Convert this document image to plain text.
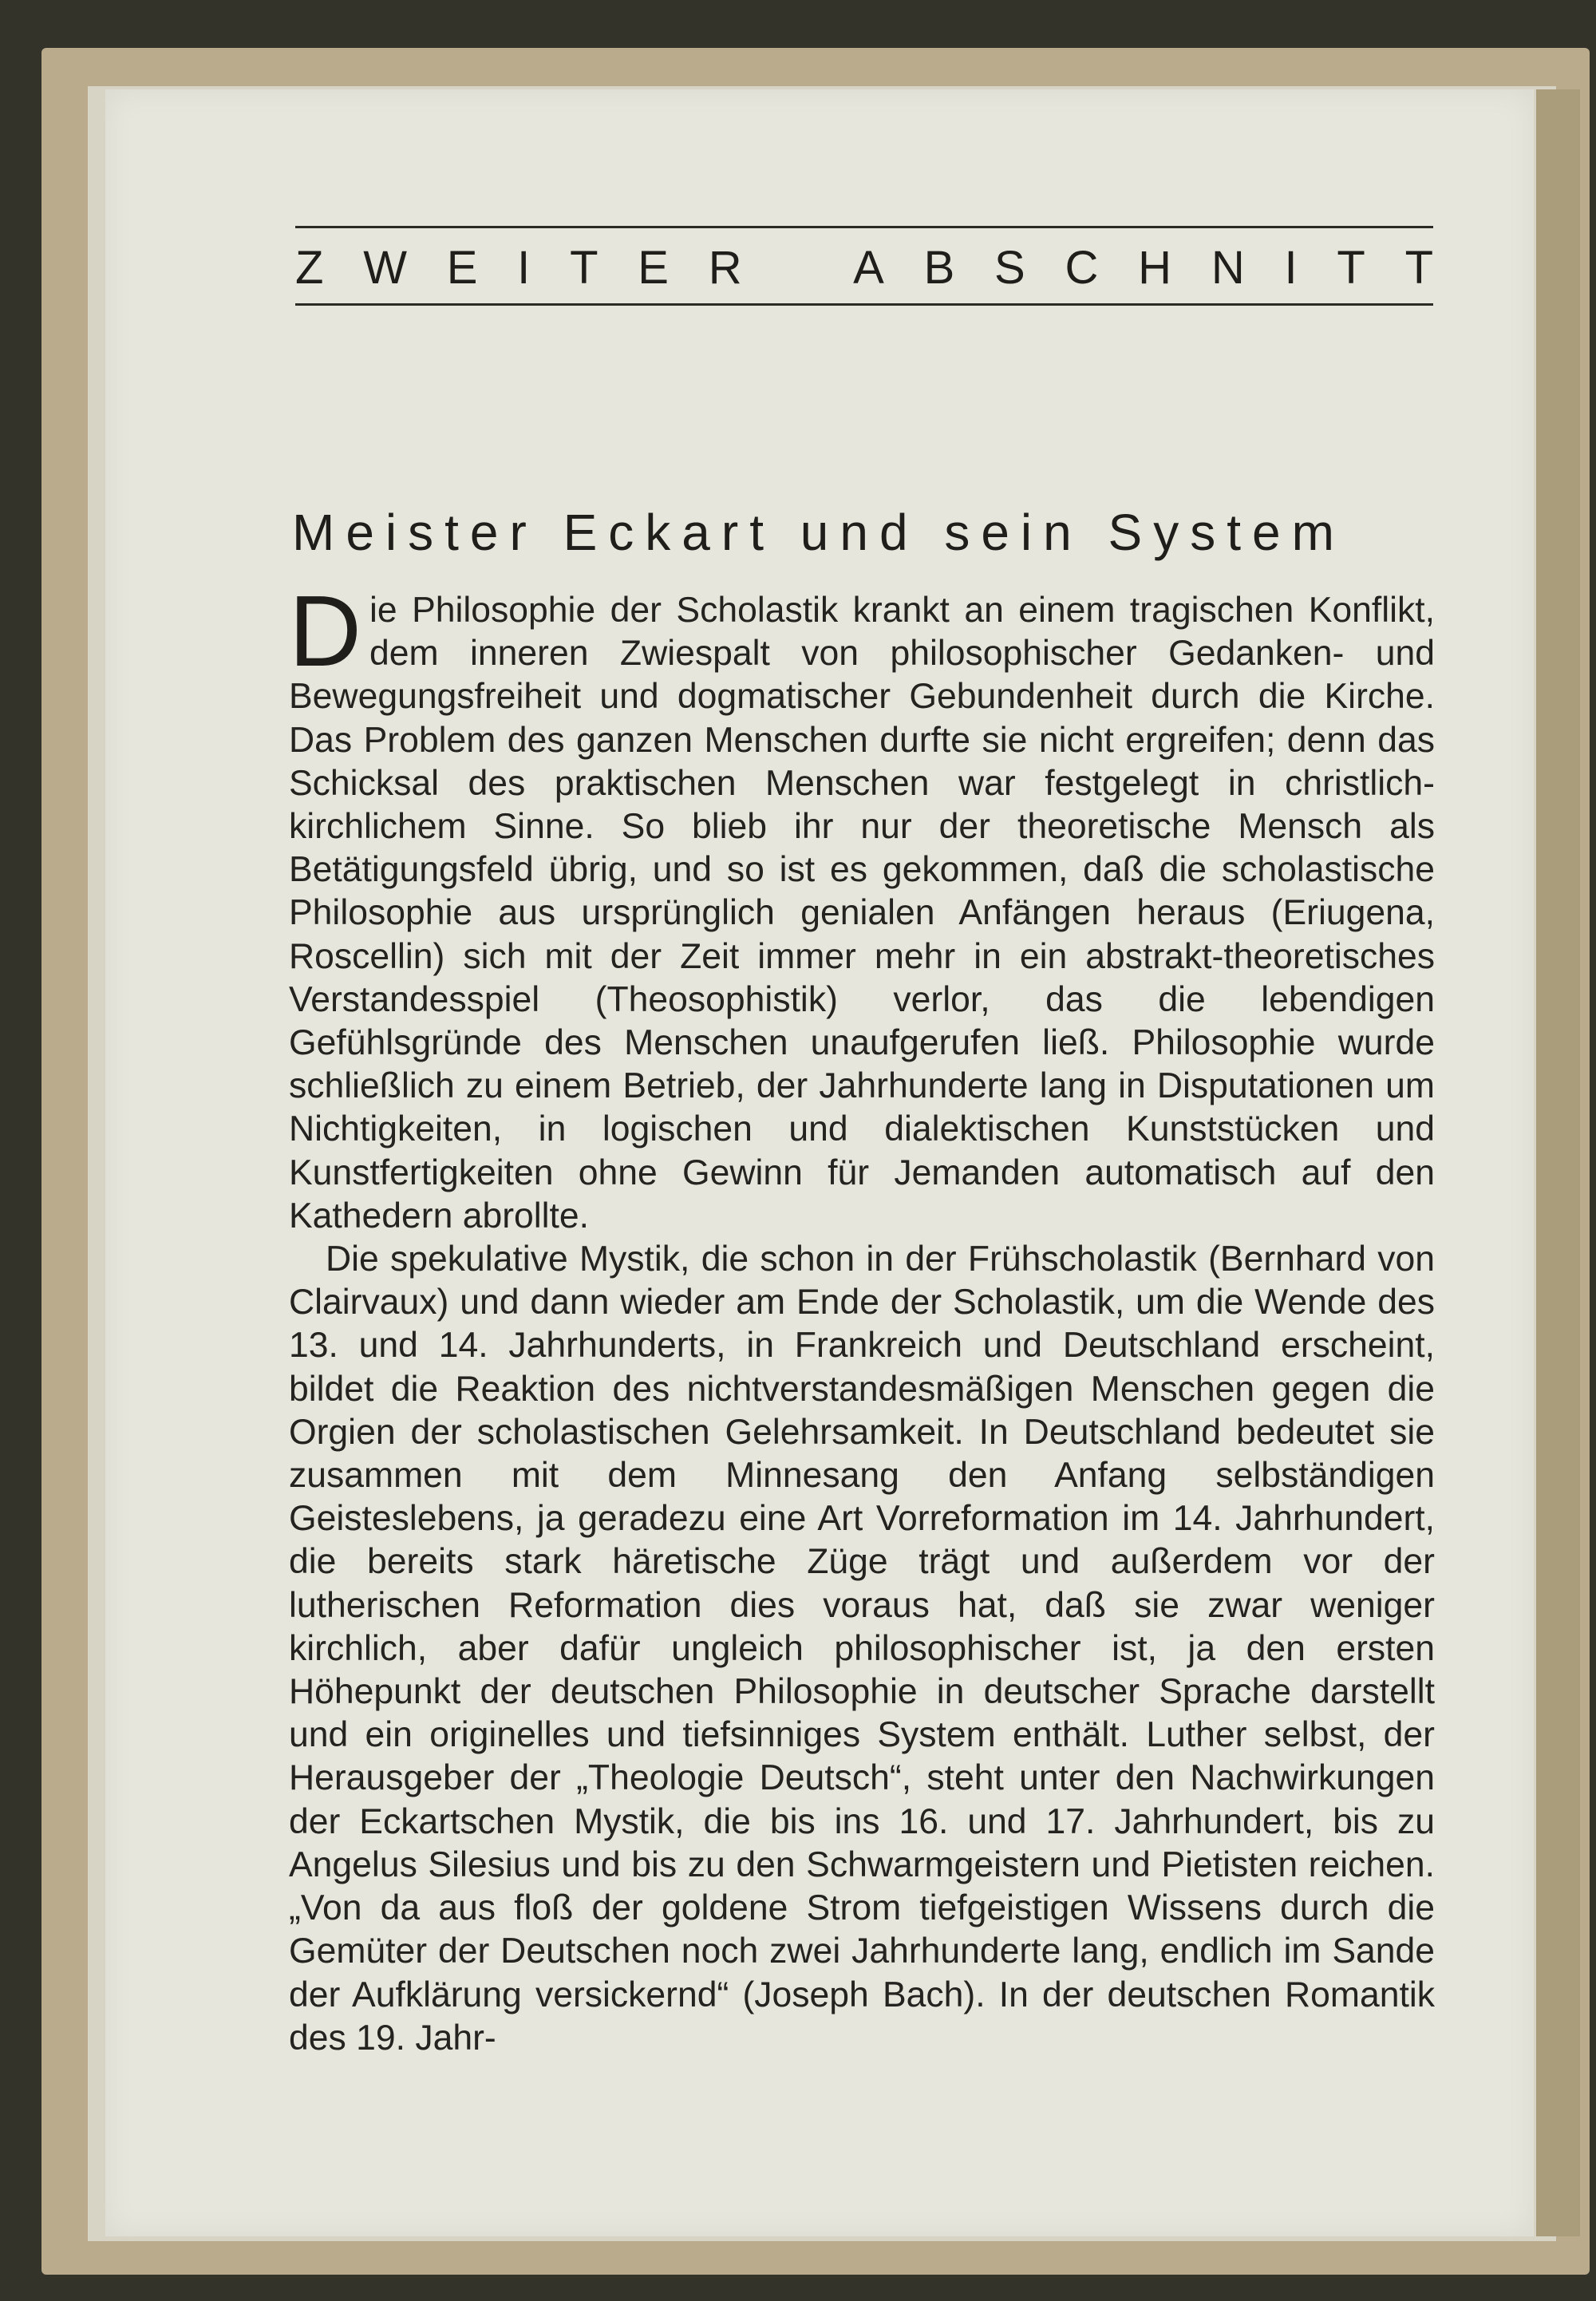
Z W E I T E R A B S C H N I T T
Meister Eckart und sein System

Die Philosophie der Scholastik krankt an einem tragischen Konflikt, dem inneren Zwiespalt von philosophischer Gedanken- und Bewegungsfreiheit und dogmatischer Gebundenheit durch die Kirche. Das Problem des ganzen Menschen durfte sie nicht ergreifen; denn das Schicksal des praktischen Menschen war festgelegt in christlich-kirchlichem Sinne. So blieb ihr nur der theoretische Mensch als Betätigungsfeld übrig, und so ist es gekommen, daß die scholastische Philosophie aus ursprünglich genialen Anfängen heraus (Eriugena, Roscellin) sich mit der Zeit immer mehr in ein abstrakt-theoretisches Verstandesspiel (Theosophistik) verlor, das die lebendigen Gefühlsgründe des Menschen unaufgerufen ließ. Philosophie wurde schließlich zu einem Betrieb, der Jahrhunderte lang in Disputationen um Nichtigkeiten, in logischen und dialektischen Kunststücken und Kunstfertigkeiten ohne Gewinn für Jemanden automatisch auf den Kathedern abrollte.

Die spekulative Mystik, die schon in der Frühscholastik (Bernhard von Clairvaux) und dann wieder am Ende der Scholastik, um die Wende des 13. und 14. Jahrhunderts, in Frankreich und Deutschland erscheint, bildet die Reaktion des nichtverstandesmäßigen Menschen gegen die Orgien der scholastischen Gelehrsamkeit. In Deutschland bedeutet sie zusammen mit dem Minnesang den Anfang selbständigen Geisteslebens, ja geradezu eine Art Vorreformation im 14. Jahrhundert, die bereits stark häretische Züge trägt und außerdem vor der lutherischen Reformation dies voraus hat, daß sie zwar weniger kirchlich, aber dafür ungleich philosophischer ist, ja den ersten Höhepunkt der deutschen Philosophie in deutscher Sprache darstellt und ein originelles und tiefsinniges System enthält. Luther selbst, der Herausgeber der „Theologie Deutsch“, steht unter den Nachwirkungen der Eckartschen Mystik, die bis ins 16. und 17. Jahrhundert, bis zu Angelus Silesius und bis zu den Schwarmgeistern und Pietisten reichen. „Von da aus floß der goldene Strom tiefgeistigen Wissens durch die Gemüter der Deutschen noch zwei Jahrhunderte lang, endlich im Sande der Aufklärung versickernd“ (Joseph Bach). In der deutschen Romantik des 19. Jahr-
